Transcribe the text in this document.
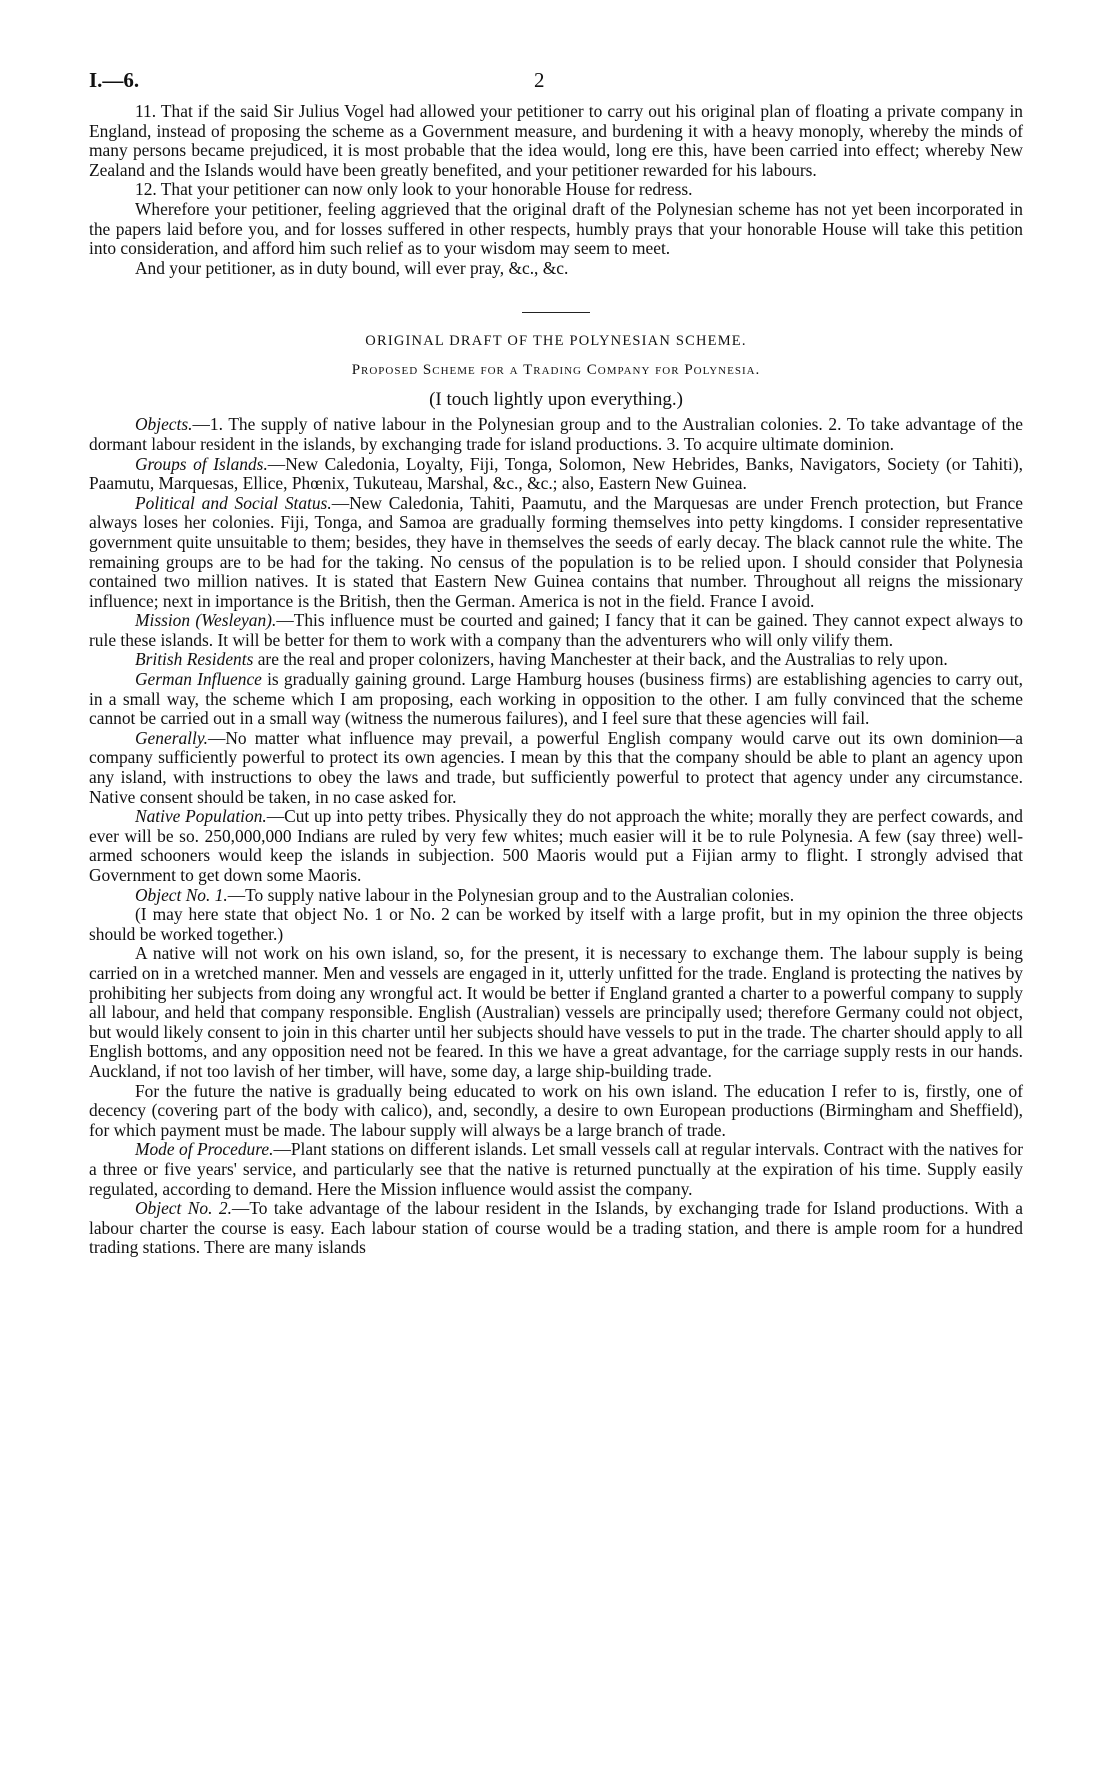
I.—6.	2

11. That if the said Sir Julius Vogel had allowed your petitioner to carry out his original plan of floating a private company in England, instead of proposing the scheme as a Government measure, and burdening it with a heavy monoply, whereby the minds of many persons became prejudiced, it is most probable that the idea would, long ere this, have been carried into effect; whereby New Zealand and the Islands would have been greatly benefited, and your petitioner rewarded for his labours.

12. That your petitioner can now only look to your honorable House for redress.

Wherefore your petitioner, feeling aggrieved that the original draft of the Polynesian scheme has not yet been incorporated in the papers laid before you, and for losses suffered in other respects, humbly prays that your honorable House will take this petition into consideration, and afford him such relief as to your wisdom may seem to meet.

And your petitioner, as in duty bound, will ever pray, &c., &c.

ORIGINAL DRAFT OF THE POLYNESIAN SCHEME.
Proposed Scheme for a Trading Company for Polynesia.
(I touch lightly upon everything.)

Objects.—1. The supply of native labour in the Polynesian group and to the Australian colonies. 2. To take advantage of the dormant labour resident in the islands, by exchanging trade for island productions. 3. To acquire ultimate dominion.

Groups of Islands.—New Caledonia, Loyalty, Fiji, Tonga, Solomon, New Hebrides, Banks, Navigators, Society (or Tahiti), Paamutu, Marquesas, Ellice, Phœnix, Tukuteau, Marshal, &c., &c.; also, Eastern New Guinea.

Political and Social Status.—New Caledonia, Tahiti, Paamutu, and the Marquesas are under French protection, but France always loses her colonies. Fiji, Tonga, and Samoa are gradually forming themselves into petty kingdoms. I consider representative government quite unsuitable to them; besides, they have in themselves the seeds of early decay. The black cannot rule the white. The remaining groups are to be had for the taking. No census of the population is to be relied upon. I should consider that Polynesia contained two million natives. It is stated that Eastern New Guinea contains that number. Throughout all reigns the missionary influence; next in importance is the British, then the German. America is not in the field. France I avoid.

Mission (Wesleyan).—This influence must be courted and gained; I fancy that it can be gained. They cannot expect always to rule these islands. It will be better for them to work with a company than the adventurers who will only vilify them.

British Residents are the real and proper colonizers, having Manchester at their back, and the Australias to rely upon.

German Influence is gradually gaining ground. Large Hamburg houses (business firms) are establishing agencies to carry out, in a small way, the scheme which I am proposing, each working in opposition to the other. I am fully convinced that the scheme cannot be carried out in a small way (witness the numerous failures), and I feel sure that these agencies will fail.

Generally.—No matter what influence may prevail, a powerful English company would carve out its own dominion—a company sufficiently powerful to protect its own agencies. I mean by this that the company should be able to plant an agency upon any island, with instructions to obey the laws and trade, but sufficiently powerful to protect that agency under any circumstance. Native consent should be taken, in no case asked for.

Native Population.—Cut up into petty tribes. Physically they do not approach the white; morally they are perfect cowards, and ever will be so. 250,000,000 Indians are ruled by very few whites; much easier will it be to rule Polynesia. A few (say three) well-armed schooners would keep the islands in subjection. 500 Maoris would put a Fijian army to flight. I strongly advised that Government to get down some Maoris.

Object No. 1.—To supply native labour in the Polynesian group and to the Australian colonies.

(I may here state that object No. 1 or No. 2 can be worked by itself with a large profit, but in my opinion the three objects should be worked together.)

A native will not work on his own island, so, for the present, it is necessary to exchange them. The labour supply is being carried on in a wretched manner. Men and vessels are engaged in it, utterly unfitted for the trade. England is protecting the natives by prohibiting her subjects from doing any wrongful act. It would be better if England granted a charter to a powerful company to supply all labour, and held that company responsible. English (Australian) vessels are principally used; therefore Germany could not object, but would likely consent to join in this charter until her subjects should have vessels to put in the trade. The charter should apply to all English bottoms, and any opposition need not be feared. In this we have a great advantage, for the carriage supply rests in our hands. Auckland, if not too lavish of her timber, will have, some day, a large ship-building trade.

For the future the native is gradually being educated to work on his own island. The education I refer to is, firstly, one of decency (covering part of the body with calico), and, secondly, a desire to own European productions (Birmingham and Sheffield), for which payment must be made. The labour supply will always be a large branch of trade.

Mode of Procedure.—Plant stations on different islands. Let small vessels call at regular intervals. Contract with the natives for a three or five years' service, and particularly see that the native is returned punctually at the expiration of his time. Supply easily regulated, according to demand. Here the Mission influence would assist the company.

Object No. 2.—To take advantage of the labour resident in the Islands, by exchanging trade for Island productions. With a labour charter the course is easy. Each labour station of course would be a trading station, and there is ample room for a hundred trading stations. There are many islands
